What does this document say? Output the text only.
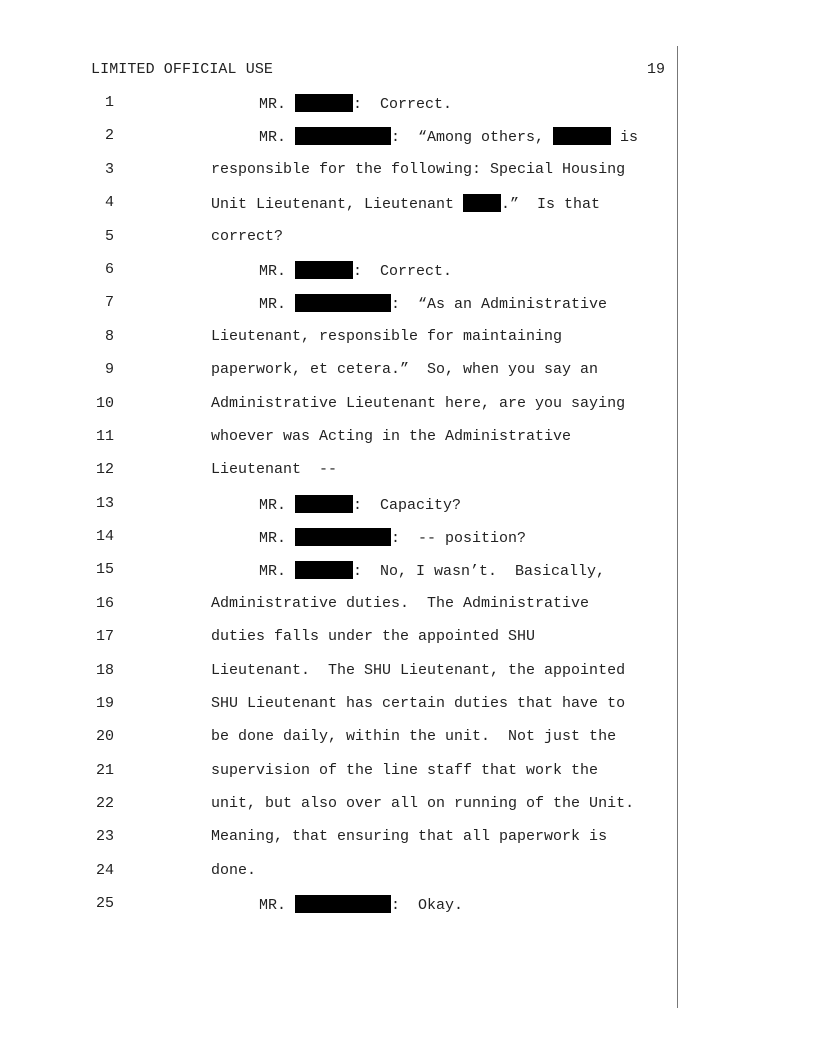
LIMITED OFFICIAL USE	19
1	MR.	:  Correct.
2	MR.	:  “Among others,	is
3	responsible for the following: Special Housing
4	Unit Lieutenant, Lieutenant	.”  Is that
5	correct?
6	MR.	:  Correct.
7	MR.	:  “As an Administrative
8	Lieutenant, responsible for maintaining
9	paperwork, et cetera.”  So, when you say an
10	Administrative Lieutenant here, are you saying
11	whoever was Acting in the Administrative
12	Lieutenant  --
13	MR.	:  Capacity?
14	MR.	:  -- position?
15	MR.	:  No, I wasn’t.  Basically,
16	Administrative duties.  The Administrative
17	duties falls under the appointed SHU
18	Lieutenant.  The SHU Lieutenant, the appointed
19	SHU Lieutenant has certain duties that have to
20	be done daily, within the unit.  Not just the
21	supervision of the line staff that work the
22	unit, but also over all on running of the Unit.
23	Meaning, that ensuring that all paperwork is
24	done.
25	MR.	:  Okay.
